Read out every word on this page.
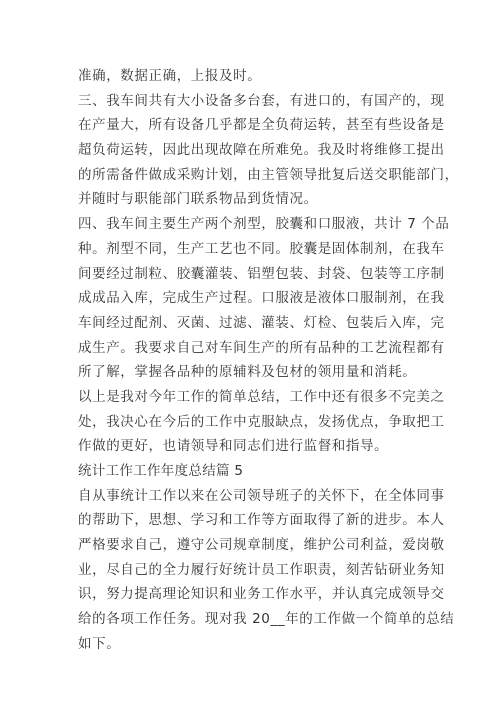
准确，数据正确，上报及时。
三、我车间共有大小设备多台套，有进口的，有国产的，现
在产量大，所有设备几乎都是全负荷运转，甚至有些设备是
超负荷运转，因此出现故障在所难免。我及时将维修工提出
的所需备件做成采购计划，由主管领导批复后送交职能部门，
并随时与职能部门联系物品到货情况。
四、我车间主要生产两个剂型，胶囊和口服液，共计 7 个品
种。剂型不同，生产工艺也不同。胶囊是固体制剂，在我车
间要经过制粒、胶囊灌装、铝塑包装、封袋、包装等工序制
成成品入库，完成生产过程。口服液是液体口服制剂，在我
车间经过配剂、灭菌、过滤、灌装、灯检、包装后入库，完
成生产。我要求自己对车间生产的所有品种的工艺流程都有
所了解，掌握各品种的原辅料及包材的领用量和消耗。
以上是我对今年工作的简单总结，工作中还有很多不完美之
处，我决心在今后的工作中克服缺点，发扬优点，争取把工
作做的更好，也请领导和同志们进行监督和指导。
统计工作工作年度总结篇 5
自从事统计工作以来在公司领导班子的关怀下，在全体同事
的帮助下，思想、学习和工作等方面取得了新的进步。本人
严格要求自己，遵守公司规章制度，维护公司利益，爱岗敬
业，尽自己的全力履行好统计员工作职责，刻苦钻研业务知
识，努力提高理论知识和业务工作水平，并认真完成领导交
给的各项工作任务。现对我 20__年的工作做一个简单的总结
如下。
